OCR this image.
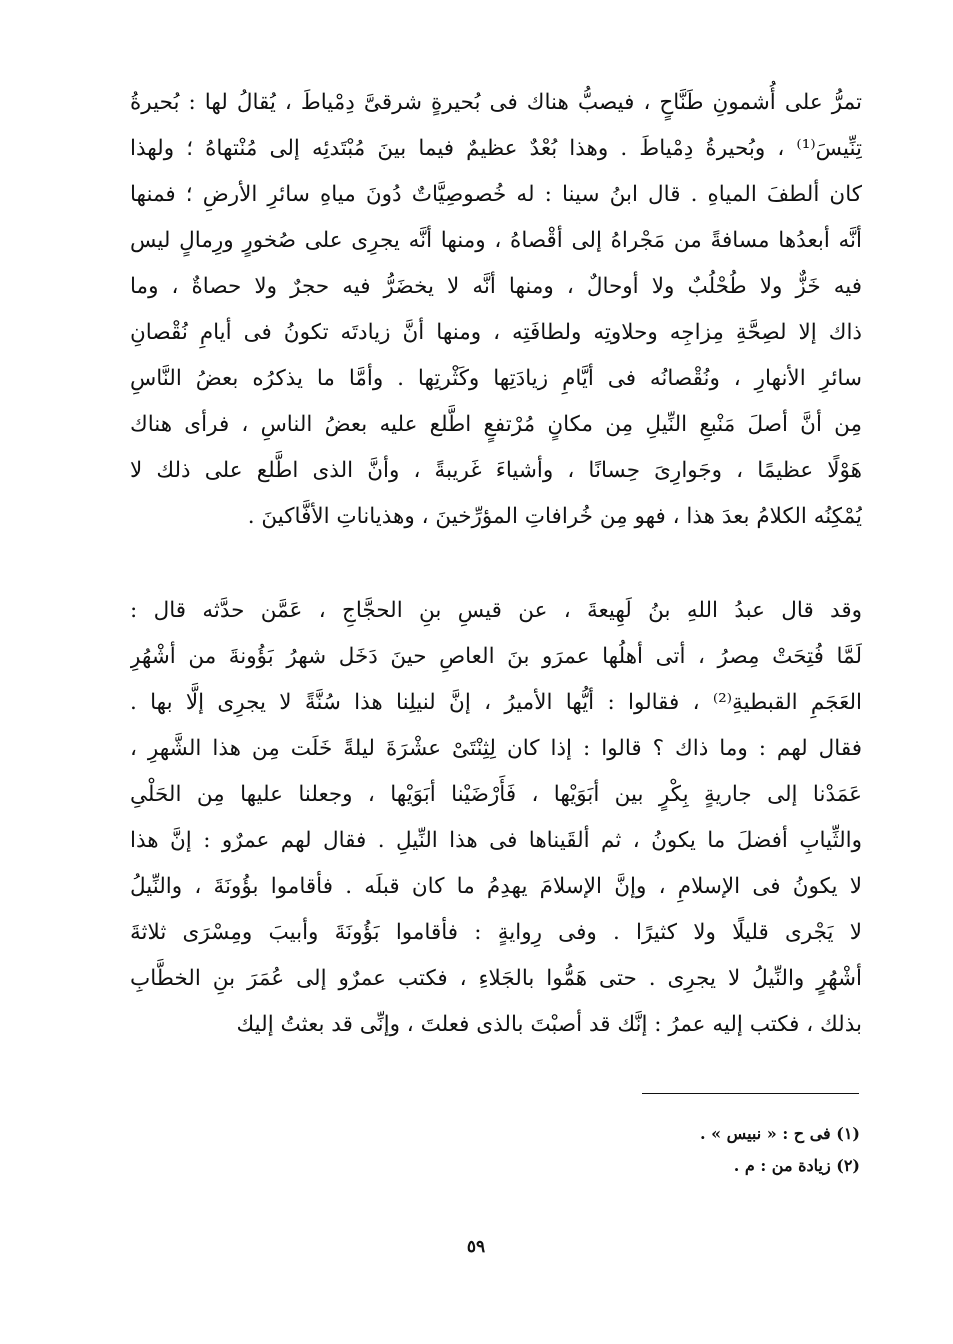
تمرُّ على أُشمونِ طَنَّاحٍ ، فيصبُّ هناك فى بُحيرةٍ شرقىَّ دِمْياطَ ، يُقالُ لها : بُحيرةُ
تِنِّيسَ⁽¹⁾ ، وبُحيرةُ دِمْياطَ . وهذا بُعْدٌ عظيمٌ فيما بينَ مُبْتَدئِه إلى مُنْتهاهُ ؛ ولهذا
كان ألطفَ المياهِ . قال ابنُ سينا : له خُصوصِيَّاتٌ دُونَ مياهِ سائرِ الأرضِ ؛ فمنها
أنَّه أبعدُها مسافةً من مَجْراهُ إلى أقْصاهُ ، ومنها أنَّه يجرِى على صُخورٍ ورِمالٍ ليس
فيه خَزٌّ ولا طُحْلُبٌ ولا أوحالٌ ، ومنها أنَّه لا يخضَرُّ فيه حجرٌ ولا حصاةٌ ، وما
ذاك إلا لصِحَّةِ مِزاجِه وحلاوتِه ولطافَتِه ، ومنها أنَّ زيادتَه تكونُ فى أيامِ نُقْصانِ
سائرِ الأنهارِ ، ونُقْصانُه فى أيَّامِ زيادَتِها وكَثْرتِها . وأمَّا ما يذكرُه بعضُ النَّاسِ
مِن أنَّ أصلَ مَنْبعِ النِّيلِ مِن مكانٍ مُرْتفعٍ اطَّلع عليه بعضُ الناسِ ، فرأى هناك
هَوْلًا عظيمًا ، وجَوارِىَ حِسانًا ، وأشياءَ غَريبةً ، وأنَّ الذى اطَّلع على ذلك لا
يُمْكِنُه الكلامُ بعدَ هذا ، فهو مِن خُرافاتِ المؤرِّخينَ ، وهذياناتِ الأفَّاكينَ .
وقد قال عبدُ اللهِ بنُ لَهِيعةَ ، عن قيسِ بنِ الحجَّاجِ ، عَمَّن حدَّثه قال :
لَمَّا فُتِحَتْ مِصرُ ، أتى أهلُها عمرَو بنَ العاصِ حينَ دَخَل شهرُ بَؤُونةَ من أشْهُرِ
العَجَمِ القبطيةِ⁽²⁾ ، فقالوا : أيُّها الأميرُ ، إنَّ لنيلِنا هذا سُنَّةً لا يجرِى إلَّا بها .
فقال لهم : وما ذاك ؟ قالوا : إذا كان لِثِنْتَىْ عشْرَةَ ليلةً خَلَت مِن هذا الشَّهرِ ،
عَمَدْنا إلى جاريةٍ بِكْرٍ بين أبَوَيْها ، فَأَرْضَيْنا أبَوَيْها ، وجعلنا عليها مِن الحَلْىِ
والثِّيابِ أفضلَ ما يكونُ ، ثم ألقَيناها فى هذا النِّيلِ . فقال لهم عمرٌو : إنَّ هذا
لا يكونُ فى الإسلامِ ، وإنَّ الإسلامَ يهدِمُ ما كان قبلَه . فأقاموا بؤُونَةَ ، والنِّيلُ
لا يَجْرى قليلًا ولا كثيرًا . وفى رِوايةٍ : فأقاموا بَؤُونَةَ وأبيبَ ومِسْرَى ثلاثةَ
أشْهُرٍ والنِّيلُ لا يجرِى . حتى هَمُّوا بالجَلاءِ ، فكتب عمرٌو إلى عُمَرَ بنِ الخطَّابِ
بذلك ، فكتب إليه عمرُ : إنَّك قد أصبْتَ بالذى فعلتَ ، وإنِّى قد بعثتُ إليك
(١) فى ح : « نبيس » .
(٢) زيادة من : م .
٥٩
